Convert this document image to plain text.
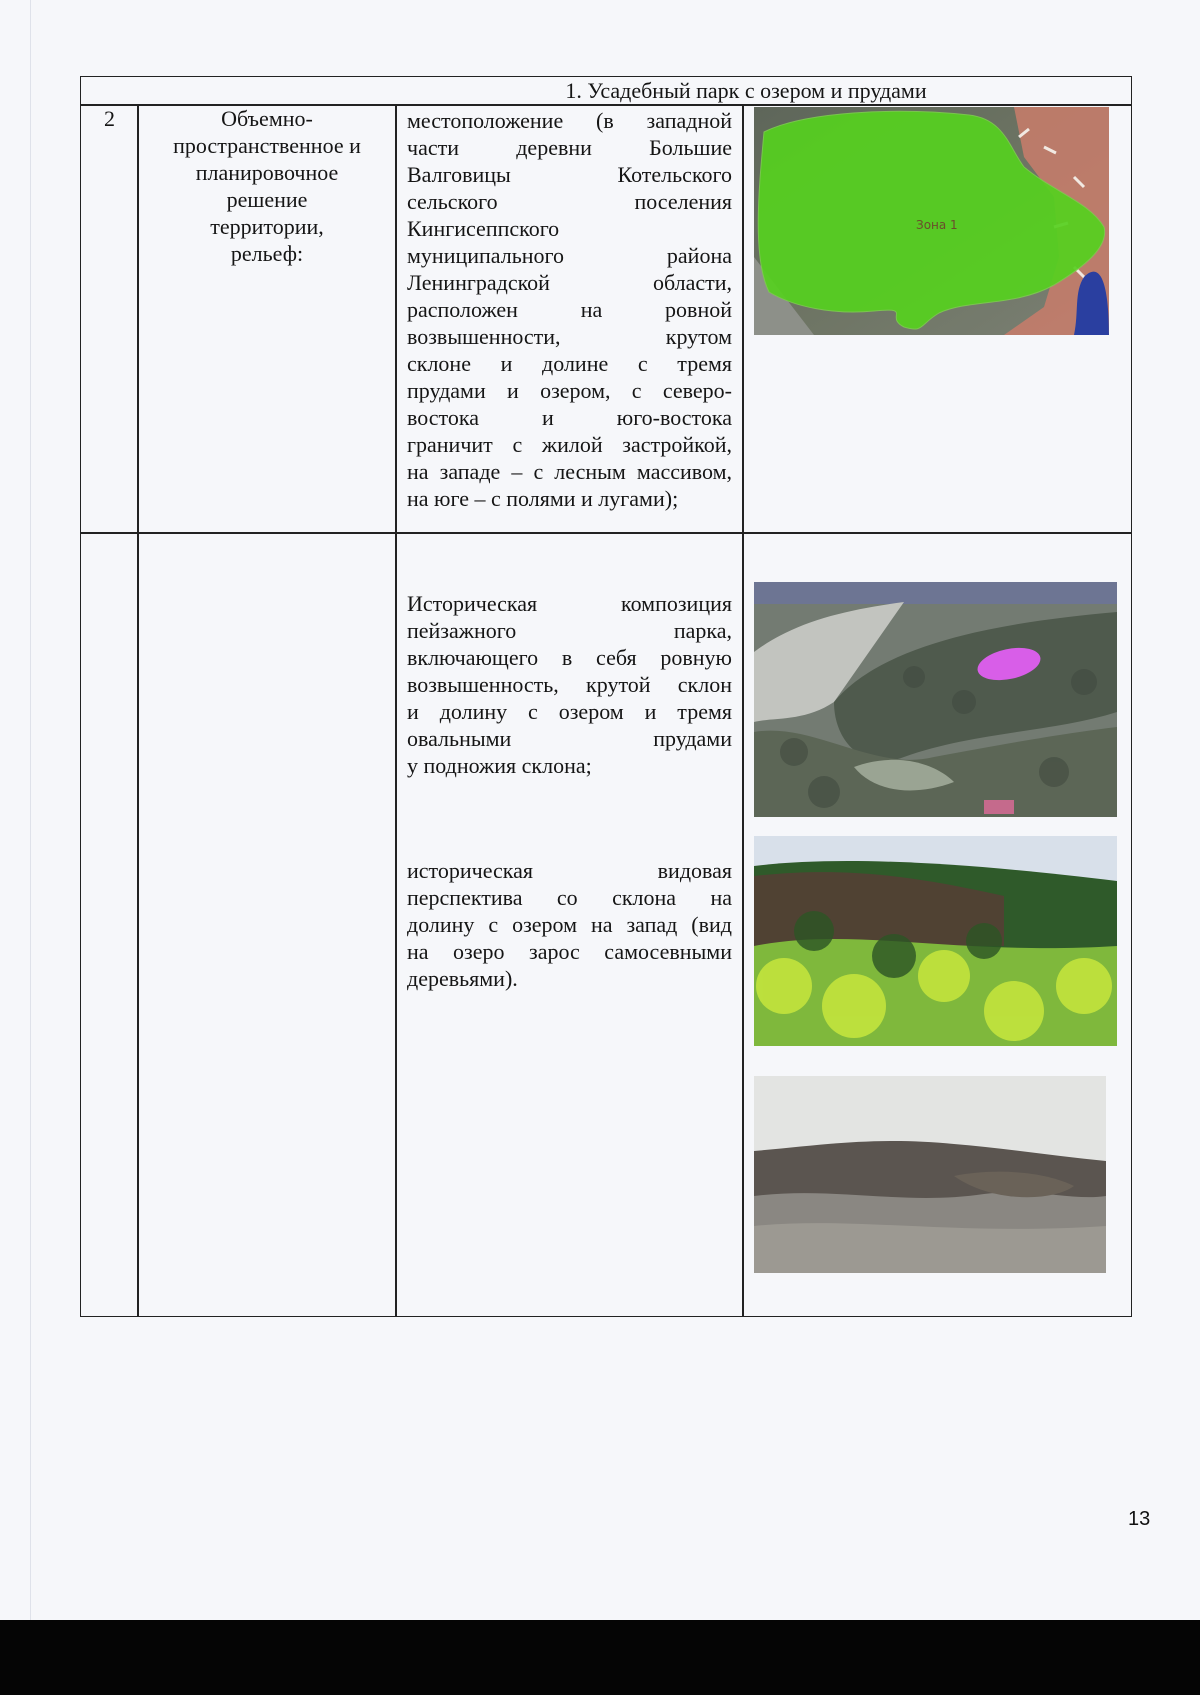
1. Усадебный парк с озером и прудами
2	Объемно-
пространственное и
планировочное
решение
территории,
рельеф:
местоположение (в западной
части деревни Большие
Валговицы Котельского
сельского поселения
Кингисеппского
муниципального района
Ленинградской области,
расположен на ровной
возвышенности, крутом
склоне и долине с тремя
прудами и озером, с северо-
востока и юго-востока
граничит с жилой застройкой,
на западе – с лесным массивом,
на юге – с полями и лугами);
Историческая композиция
пейзажного парка,
включающего в себя ровную
возвышенность, крутой склон
и долину с озером и тремя
овальными прудами
у подножия склона;
историческая видовая
перспектива со склона на
долину с озером на запад (вид
на озеро зарос самосевными
деревьями).
Зона 1
13
